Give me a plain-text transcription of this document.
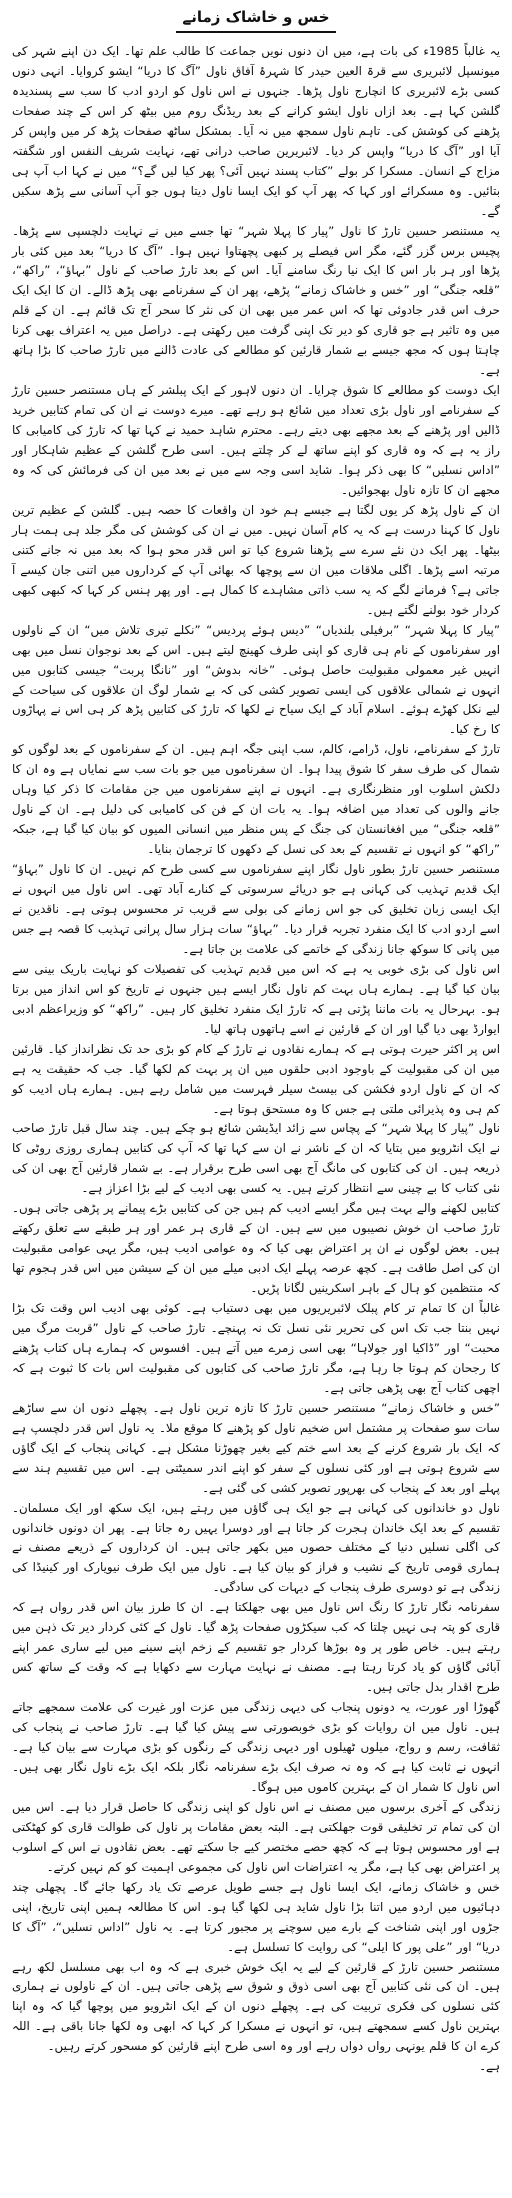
خس و خاشاک زمانے

یہ غالباً 1985ء کی بات ہے، میں ان دنوں نویں جماعت کا طالب علم تھا۔ ایک دن اپنے شہر کی میونسپل لائبریری سے قرۃ العین حیدر کا شہرۂ آفاق ناول ”آگ کا دریا“ ایشو کروایا۔ انہی دنوں کسی بڑے لائبریری کا انچارج ناول پڑھا۔ جنہوں نے اس ناول کو اردو ادب کا سب سے پسندیدہ گلشن کہا ہے۔ بعد ازاں ناول ایشو کرانے کے بعد ریڈنگ روم میں بیٹھ کر اس کے چند صفحات پڑھنے کی کوشش کی۔ تاہم ناول سمجھ میں نہ آیا۔ بمشکل ساٹھ صفحات پڑھ کر میں واپس کر آیا اور ”آگ کا دریا“ واپس کر دیا۔ لائبریرین صاحب درانی تھے، نہایت شریف النفس اور شگفتہ مزاج کے انسان۔ مسکرا کر بولے ”کتاب پسند نہیں آئی؟ پھر کیا لیں گے؟“ میں نے کہا اب آپ ہی بتائیں۔ وہ مسکرائے اور کہا کہ پھر آپ کو ایک ایسا ناول دیتا ہوں جو آپ آسانی سے پڑھ سکیں گے۔

یہ مستنصر حسین تارڑ کا ناول ”پیار کا پہلا شہر“ تھا جسے میں نے نہایت دلچسپی سے پڑھا۔ پچیس برس گزر گئے، مگر اس فیصلے پر کبھی پچھتاوا نہیں ہوا۔ ”آگ کا دریا“ بعد میں کئی بار پڑھا اور ہر بار اس کا ایک نیا رنگ سامنے آیا۔ اس کے بعد تارڑ صاحب کے ناول ”بہاؤ“، ”راکھ“، ”قلعہ جنگی“ اور ”خس و خاشاک زمانے“ پڑھے، پھر ان کے سفرنامے بھی پڑھ ڈالے۔ ان کا ایک ایک حرف اس قدر جادوئی تھا کہ اس عمر میں بھی ان کی نثر کا سحر آج تک قائم ہے۔ ان کے قلم میں وہ تاثیر ہے جو قاری کو دیر تک اپنی گرفت میں رکھتی ہے۔ دراصل میں یہ اعتراف بھی کرنا چاہتا ہوں کہ مجھ جیسے بے شمار قارئین کو مطالعے کی عادت ڈالنے میں تارڑ صاحب کا بڑا ہاتھ ہے۔

ایک دوست کو مطالعے کا شوق چرایا۔ ان دنوں لاہور کے ایک پبلشر کے ہاں مستنصر حسین تارڑ کے سفرنامے اور ناول بڑی تعداد میں شائع ہو رہے تھے۔ میرے دوست نے ان کی تمام کتابیں خرید ڈالیں اور پڑھنے کے بعد مجھے بھی دیتے رہے۔ محترم شاہد حمید نے کہا تھا کہ تارڑ کی کامیابی کا راز یہ ہے کہ وہ قاری کو اپنے ساتھ لے کر چلتے ہیں۔ اسی طرح گلشن کے عظیم شاہکار اور ”اداس نسلیں“ کا بھی ذکر ہوا۔ شاید اسی وجہ سے میں نے بعد میں ان کی فرمائش کی کہ وہ مجھے ان کا تازہ ناول بھجوائیں۔

ان کے ناول پڑھ کر یوں لگتا ہے جیسے ہم خود ان واقعات کا حصہ ہیں۔ گلشن کے عظیم ترین ناول کا کہنا درست ہے کہ یہ کام آسان نہیں۔ میں نے ان کی کوشش کی مگر جلد ہی ہمت ہار بیٹھا۔ پھر ایک دن نئے سرے سے پڑھنا شروع کیا تو اس قدر محو ہوا کہ بعد میں نہ جانے کتنی مرتبہ اسے پڑھا۔ اگلی ملاقات میں ان سے پوچھا کہ بھائی آپ کے کرداروں میں اتنی جان کیسے آ جاتی ہے؟ فرمانے لگے کہ یہ سب ذاتی مشاہدے کا کمال ہے۔ اور پھر ہنس کر کہا کہ کبھی کبھی کردار خود بولنے لگتے ہیں۔

”پیار کا پہلا شہر“ ”برفیلی بلندیاں“ ”دیس ہوئے پردیس“ ”نکلے تیری تلاش میں“ ان کے ناولوں اور سفرناموں کے نام ہی قاری کو اپنی طرف کھینچ لیتے ہیں۔ اس کے بعد نوجوان نسل میں بھی انہیں غیر معمولی مقبولیت حاصل ہوئی۔ ”خانہ بدوش“ اور ”نانگا پربت“ جیسی کتابوں میں انہوں نے شمالی علاقوں کی ایسی تصویر کشی کی کہ بے شمار لوگ ان علاقوں کی سیاحت کے لیے نکل کھڑے ہوئے۔ اسلام آباد کے ایک سیاح نے لکھا کہ تارڑ کی کتابیں پڑھ کر ہی اس نے پہاڑوں کا رخ کیا۔

تارڑ کے سفرنامے، ناول، ڈرامے، کالم، سب اپنی جگہ اہم ہیں۔ ان کے سفرناموں کے بعد لوگوں کو شمال کی طرف سفر کا شوق پیدا ہوا۔ ان سفرناموں میں جو بات سب سے نمایاں ہے وہ ان کا دلکش اسلوب اور منظرنگاری ہے۔ انہوں نے اپنے سفرناموں میں جن مقامات کا ذکر کیا وہاں جانے والوں کی تعداد میں اضافہ ہوا۔ یہ بات ان کے فن کی کامیابی کی دلیل ہے۔ ان کے ناول ”قلعہ جنگی“ میں افغانستان کی جنگ کے پس منظر میں انسانی المیوں کو بیان کیا گیا ہے، جبکہ ”راکھ“ کو انہوں نے تقسیم کے بعد کی نسل کے دکھوں کا ترجمان بنایا۔

مستنصر حسین تارڑ بطور ناول نگار اپنے سفرناموں سے کسی طرح کم نہیں۔ ان کا ناول ”بہاؤ“ ایک قدیم تہذیب کی کہانی ہے جو دریائے سرسوتی کے کنارے آباد تھی۔ اس ناول میں انہوں نے ایک ایسی زبان تخلیق کی جو اس زمانے کی بولی سے قریب تر محسوس ہوتی ہے۔ ناقدین نے اسے اردو ادب کا ایک منفرد تجربہ قرار دیا۔ ”بہاؤ“ سات ہزار سال پرانی تہذیب کا قصہ ہے جس میں پانی کا سوکھ جانا زندگی کے خاتمے کی علامت بن جاتا ہے۔

اس ناول کی بڑی خوبی یہ ہے کہ اس میں قدیم تہذیب کی تفصیلات کو نہایت باریک بینی سے بیان کیا گیا ہے۔ ہمارے ہاں بہت کم ناول نگار ایسے ہیں جنہوں نے تاریخ کو اس انداز میں برتا ہو۔ بہرحال یہ بات ماننا پڑتی ہے کہ تارڑ ایک منفرد تخلیق کار ہیں۔ ”راکھ“ کو وزیراعظم ادبی ایوارڈ بھی دیا گیا اور ان کے قارئین نے اسے ہاتھوں ہاتھ لیا۔

اس پر اکثر حیرت ہوتی ہے کہ ہمارے نقادوں نے تارڑ کے کام کو بڑی حد تک نظرانداز کیا۔ قارئین میں ان کی مقبولیت کے باوجود ادبی حلقوں میں ان پر بہت کم لکھا گیا۔ جب کہ حقیقت یہ ہے کہ ان کے ناول اردو فکشن کی بیسٹ سیلر فہرست میں شامل رہے ہیں۔ ہمارے ہاں ادیب کو کم ہی وہ پذیرائی ملتی ہے جس کا وہ مستحق ہوتا ہے۔

ناول ”پیار کا پہلا شہر“ کے پچاس سے زائد ایڈیشن شائع ہو چکے ہیں۔ چند سال قبل تارڑ صاحب نے ایک انٹرویو میں بتایا کہ ان کے ناشر نے ان سے کہا تھا کہ آپ کی کتابیں ہماری روزی روٹی کا ذریعہ ہیں۔ ان کی کتابوں کی مانگ آج بھی اسی طرح برقرار ہے۔ بے شمار قارئین آج بھی ان کی نئی کتاب کا بے چینی سے انتظار کرتے ہیں۔ یہ کسی بھی ادیب کے لیے بڑا اعزاز ہے۔

کتابیں لکھنے والے بہت ہیں مگر ایسے ادیب کم ہیں جن کی کتابیں بڑے پیمانے پر پڑھی جاتی ہوں۔ تارڑ صاحب ان خوش نصیبوں میں سے ہیں۔ ان کے قاری ہر عمر اور ہر طبقے سے تعلق رکھتے ہیں۔ بعض لوگوں نے ان پر اعتراض بھی کیا کہ وہ عوامی ادیب ہیں، مگر یہی عوامی مقبولیت ان کی اصل طاقت ہے۔ کچھ عرصہ پہلے ایک ادبی میلے میں ان کے سیشن میں اس قدر ہجوم تھا کہ منتظمین کو ہال کے باہر اسکرینیں لگانا پڑیں۔

غالباً ان کا تمام تر کام پبلک لائبریریوں میں بھی دستیاب ہے۔ کوئی بھی ادیب اس وقت تک بڑا نہیں بنتا جب تک اس کی تحریر نئی نسل تک نہ پہنچے۔ تارڑ صاحب کے ناول ”قربت مرگ میں محبت“ اور ”ڈاکیا اور جولاہا“ بھی اسی زمرے میں آتے ہیں۔ افسوس کہ ہمارے ہاں کتاب پڑھنے کا رجحان کم ہوتا جا رہا ہے، مگر تارڑ صاحب کی کتابوں کی مقبولیت اس بات کا ثبوت ہے کہ اچھی کتاب آج بھی پڑھی جاتی ہے۔

”خس و خاشاک زمانے“ مستنصر حسین تارڑ کا تازہ ترین ناول ہے۔ پچھلے دنوں ان سے ساڑھے سات سو صفحات پر مشتمل اس ضخیم ناول کو پڑھنے کا موقع ملا۔ یہ ناول اس قدر دلچسپ ہے کہ ایک بار شروع کرنے کے بعد اسے ختم کیے بغیر چھوڑنا مشکل ہے۔ کہانی پنجاب کے ایک گاؤں سے شروع ہوتی ہے اور کئی نسلوں کے سفر کو اپنے اندر سمیٹتی ہے۔ اس میں تقسیم ہند سے پہلے اور بعد کے پنجاب کی بھرپور تصویر کشی کی گئی ہے۔

ناول دو خاندانوں کی کہانی ہے جو ایک ہی گاؤں میں رہتے ہیں، ایک سکھ اور ایک مسلمان۔ تقسیم کے بعد ایک خاندان ہجرت کر جاتا ہے اور دوسرا یہیں رہ جاتا ہے۔ پھر ان دونوں خاندانوں کی اگلی نسلیں دنیا کے مختلف حصوں میں بکھر جاتی ہیں۔ ان کرداروں کے ذریعے مصنف نے ہماری قومی تاریخ کے نشیب و فراز کو بیان کیا ہے۔ ناول میں ایک طرف نیویارک اور کینیڈا کی زندگی ہے تو دوسری طرف پنجاب کے دیہات کی سادگی۔

سفرنامہ نگار تارڑ کا رنگ اس ناول میں بھی جھلکتا ہے۔ ان کا طرز بیان اس قدر رواں ہے کہ قاری کو پتہ ہی نہیں چلتا کہ کب سیکڑوں صفحات پڑھ گیا۔ ناول کے کئی کردار دیر تک ذہن میں رہتے ہیں۔ خاص طور پر وہ بوڑھا کردار جو تقسیم کے زخم اپنے سینے میں لیے ساری عمر اپنے آبائی گاؤں کو یاد کرتا رہتا ہے۔ مصنف نے نہایت مہارت سے دکھایا ہے کہ وقت کے ساتھ کس طرح اقدار بدل جاتی ہیں۔

گھوڑا اور عورت، یہ دونوں پنجاب کی دیہی زندگی میں عزت اور غیرت کی علامت سمجھے جاتے ہیں۔ ناول میں ان روایات کو بڑی خوبصورتی سے پیش کیا گیا ہے۔ تارڑ صاحب نے پنجاب کی ثقافت، رسم و رواج، میلوں ٹھیلوں اور دیہی زندگی کے رنگوں کو بڑی مہارت سے بیان کیا ہے۔ انہوں نے ثابت کیا ہے کہ وہ نہ صرف ایک بڑے سفرنامہ نگار بلکہ ایک بڑے ناول نگار بھی ہیں۔ اس ناول کا شمار ان کے بہترین کاموں میں ہوگا۔

زندگی کے آخری برسوں میں مصنف نے اس ناول کو اپنی زندگی کا حاصل قرار دیا ہے۔ اس میں ان کی تمام تر تخلیقی قوت جھلکتی ہے۔ البتہ بعض مقامات پر ناول کی طوالت قاری کو کھٹکتی ہے اور محسوس ہوتا ہے کہ کچھ حصے مختصر کیے جا سکتے تھے۔ بعض نقادوں نے اس کے اسلوب پر اعتراض بھی کیا ہے، مگر یہ اعتراضات اس ناول کی مجموعی اہمیت کو کم نہیں کرتے۔

خس و خاشاک زمانے، ایک ایسا ناول ہے جسے طویل عرصے تک یاد رکھا جائے گا۔ پچھلی چند دہائیوں میں اردو میں اتنا بڑا ناول شاید ہی لکھا گیا ہو۔ اس کا مطالعہ ہمیں اپنی تاریخ، اپنی جڑوں اور اپنی شناخت کے بارے میں سوچنے پر مجبور کرتا ہے۔ یہ ناول ”اداس نسلیں“، ”آگ کا دریا“ اور ”علی پور کا ایلی“ کی روایت کا تسلسل ہے۔

مستنصر حسین تارڑ کے قارئین کے لیے یہ ایک خوش خبری ہے کہ وہ اب بھی مسلسل لکھ رہے ہیں۔ ان کی نئی کتابیں آج بھی اسی ذوق و شوق سے پڑھی جاتی ہیں۔ ان کے ناولوں نے ہماری کئی نسلوں کی فکری تربیت کی ہے۔ پچھلے دنوں ان کے ایک انٹرویو میں پوچھا گیا کہ وہ اپنا بہترین ناول کسے سمجھتے ہیں، تو انہوں نے مسکرا کر کہا کہ ابھی وہ لکھا جانا باقی ہے۔ اللہ کرے ان کا قلم یونہی رواں دواں رہے اور وہ اسی طرح اپنے قارئین کو مسحور کرتے رہیں۔

ہے۔
